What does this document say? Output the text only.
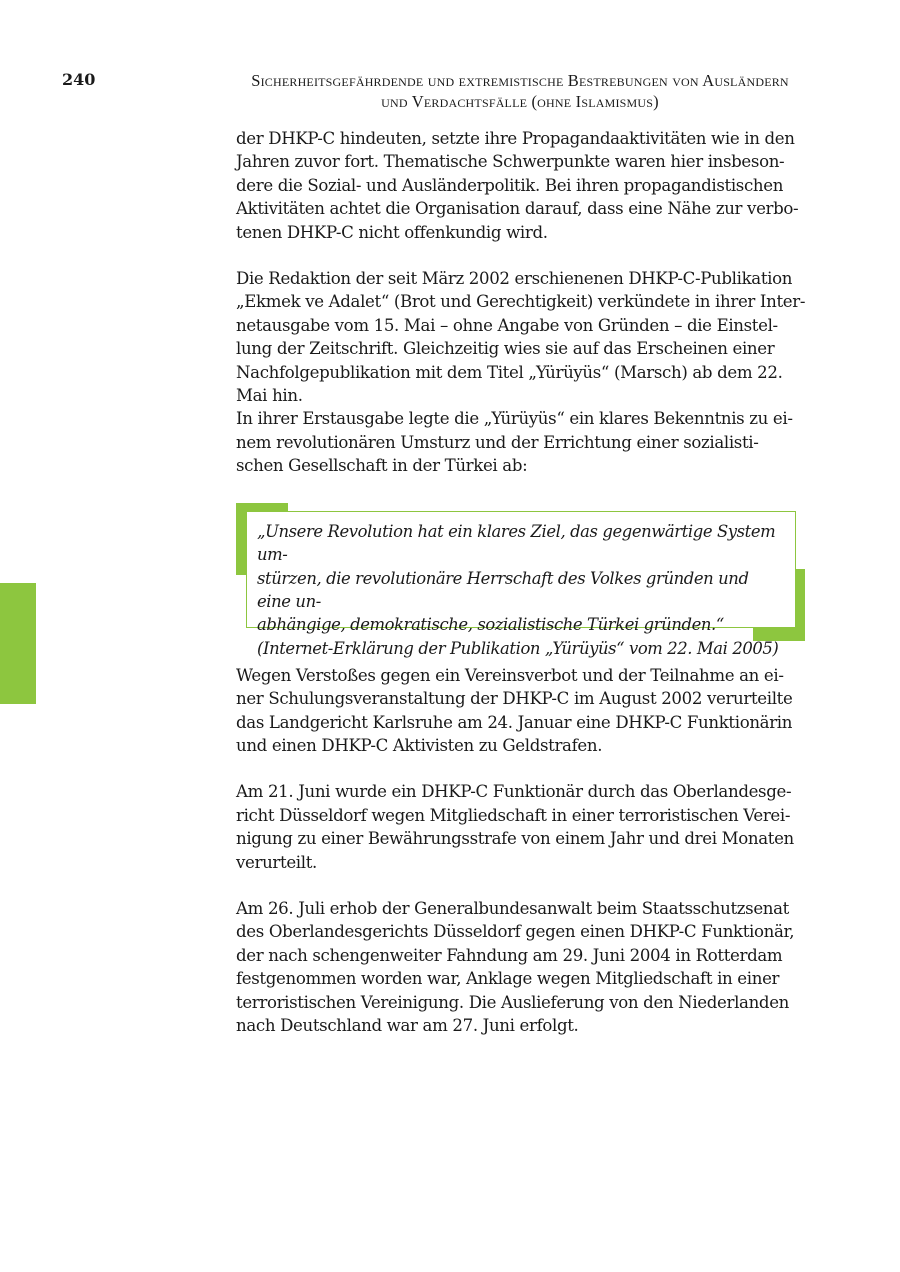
240	Sicherheitsgefährdende und extremistische Bestrebungen von Ausländern
und Verdachtsfälle (ohne Islamismus)

der DHKP-C hindeuten, setzte ihre Propagandaaktivitäten wie in den
Jahren zuvor fort. Thematische Schwerpunkte waren hier insbeson-
dere die Sozial- und Ausländerpolitik. Bei ihren propagandistischen
Aktivitäten achtet die Organisation darauf, dass eine Nähe zur verbo-
tenen DHKP-C nicht offenkundig wird.

Die Redaktion der seit März 2002 erschienenen DHKP-C-Publikation
„Ekmek ve Adalet“ (Brot und Gerechtigkeit) verkündete in ihrer Inter-
netausgabe vom 15. Mai – ohne Angabe von Gründen – die Einstel-
lung der Zeitschrift. Gleichzeitig wies sie auf das Erscheinen einer
Nachfolgepublikation mit dem Titel „Yürüyüs“ (Marsch) ab dem 22.
Mai hin.

In ihrer Erstausgabe legte die „Yürüyüs“ ein klares Bekenntnis zu ei-
nem revolutionären Umsturz und der Errichtung einer sozialisti-
schen Gesellschaft in der Türkei ab:

„Unsere Revolution hat ein klares Ziel, das gegenwärtige System um-
stürzen, die revolutionäre Herrschaft des Volkes gründen und eine un-
abhängige, demokratische, sozialistische Türkei gründen.“
(Internet-Erklärung der Publikation „Yürüyüs“ vom 22. Mai 2005)

Wegen Verstoßes gegen ein Vereinsverbot und der Teilnahme an ei-
ner Schulungsveranstaltung der DHKP-C im August 2002 verurteilte
das Landgericht Karlsruhe am 24. Januar eine DHKP-C Funktionärin
und einen DHKP-C Aktivisten zu Geldstrafen.

Am 21. Juni wurde ein DHKP-C Funktionär durch das Oberlandesge-
richt Düsseldorf wegen Mitgliedschaft in einer terroristischen Verei-
nigung zu einer Bewährungsstrafe von einem Jahr und drei Monaten
verurteilt.

Am 26. Juli erhob der Generalbundesanwalt beim Staatsschutzsenat
des Oberlandesgerichts Düsseldorf gegen einen DHKP-C Funktionär,
der nach schengenweiter Fahndung am 29. Juni 2004 in Rotterdam
festgenommen worden war, Anklage wegen Mitgliedschaft in einer
terroristischen Vereinigung. Die Auslieferung von den Niederlanden
nach Deutschland war am 27. Juni erfolgt.
